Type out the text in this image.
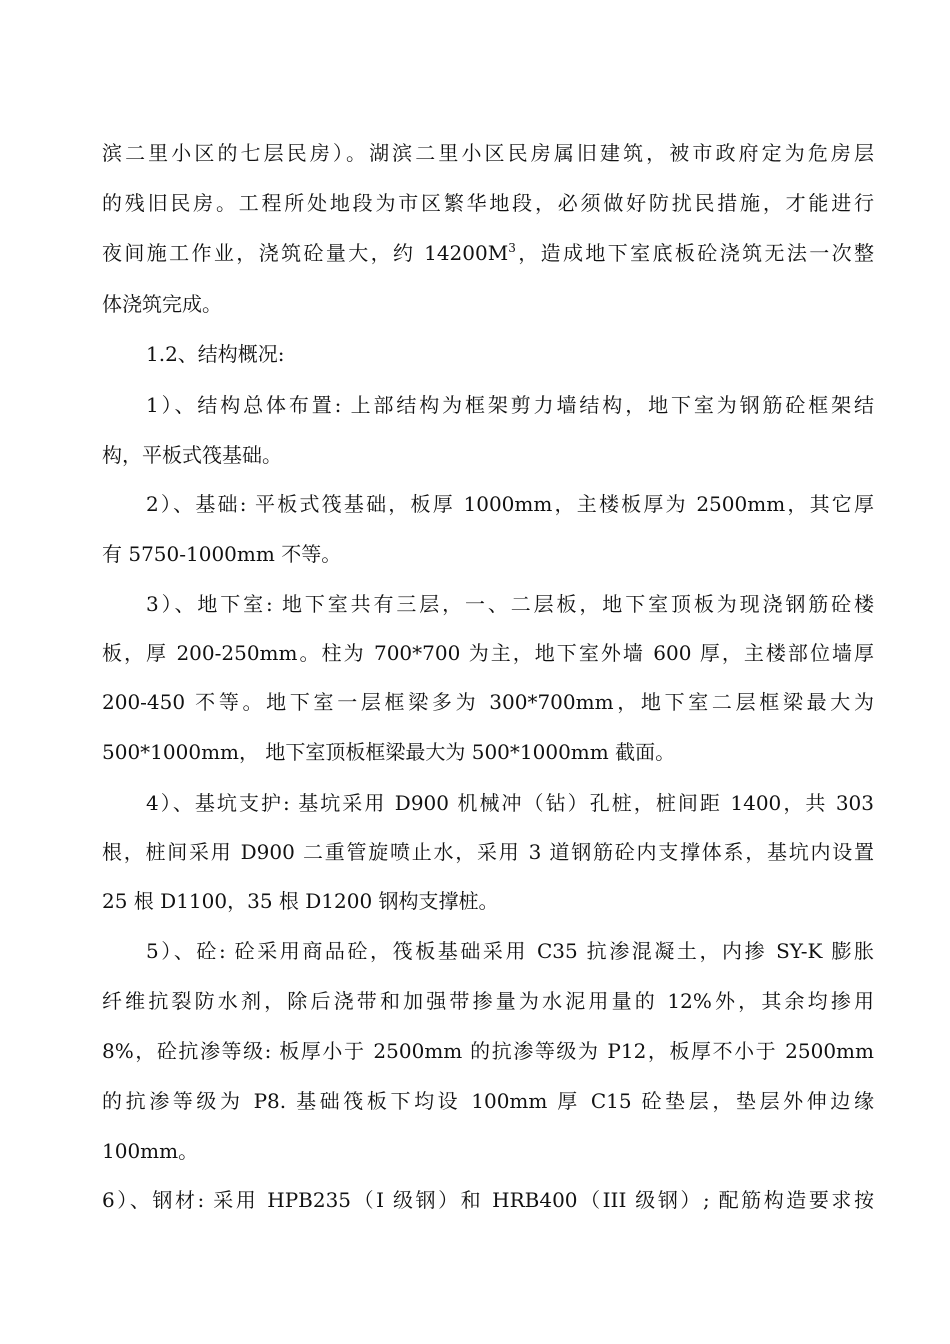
滨二里小区的七层民房）。湖滨二里小区民房属旧建筑，被市政府定为危房层
的残旧民房。工程所处地段为市区繁华地段，必须做好防扰民措施，才能进行
夜间施工作业，浇筑砼量大，约 $14200M^3$，造成地下室底板砼浇筑无法一次整
体浇筑完成。
1.2、结构概况:
1）、结构总体布置: 上部结构为框架剪力墙结构，地下室为钢筋砼框架结
构，平板式筏基础。
2）、基础: 平板式筏基础，板厚 1000mm，主楼板厚为 2500mm，其它厚
有 5750-1000mm 不等。
3）、地下室: 地下室共有三层，一、二层板，地下室顶板为现浇钢筋砼楼
板，厚 200-250mm。柱为 700*700 为主，地下室外墙 600 厚，主楼部位墙厚
200-450 不等。地下室一层框梁多为 300*700mm，地下室二层框梁最大为
500*1000mm， 地下室顶板框梁最大为 500*1000mm 截面。
4）、基坑支护: 基坑采用 D900 机械冲（钻）孔桩，桩间距 1400，共 303
根，桩间采用 D900 二重管旋喷止水，采用 3 道钢筋砼内支撑体系，基坑内设置
25 根 D1100，35 根 D1200 钢构支撑桩。
5）、砼: 砼采用商品砼，筏板基础采用 C35 抗渗混凝土，内掺 SY-K 膨胀
纤维抗裂防水剂，除后浇带和加强带掺量为水泥用量的 12%外，其余均掺用
8%，砼抗渗等级: 板厚小于 2500mm 的抗渗等级为 P12，板厚不小于 2500mm
的抗渗等级为 P8. 基础筏板下均设 100mm 厚 C15 砼垫层，垫层外伸边缘
100mm。
6）、钢材: 采用 HPB235（I 级钢）和 HRB400（III 级钢）; 配筋构造要求按
